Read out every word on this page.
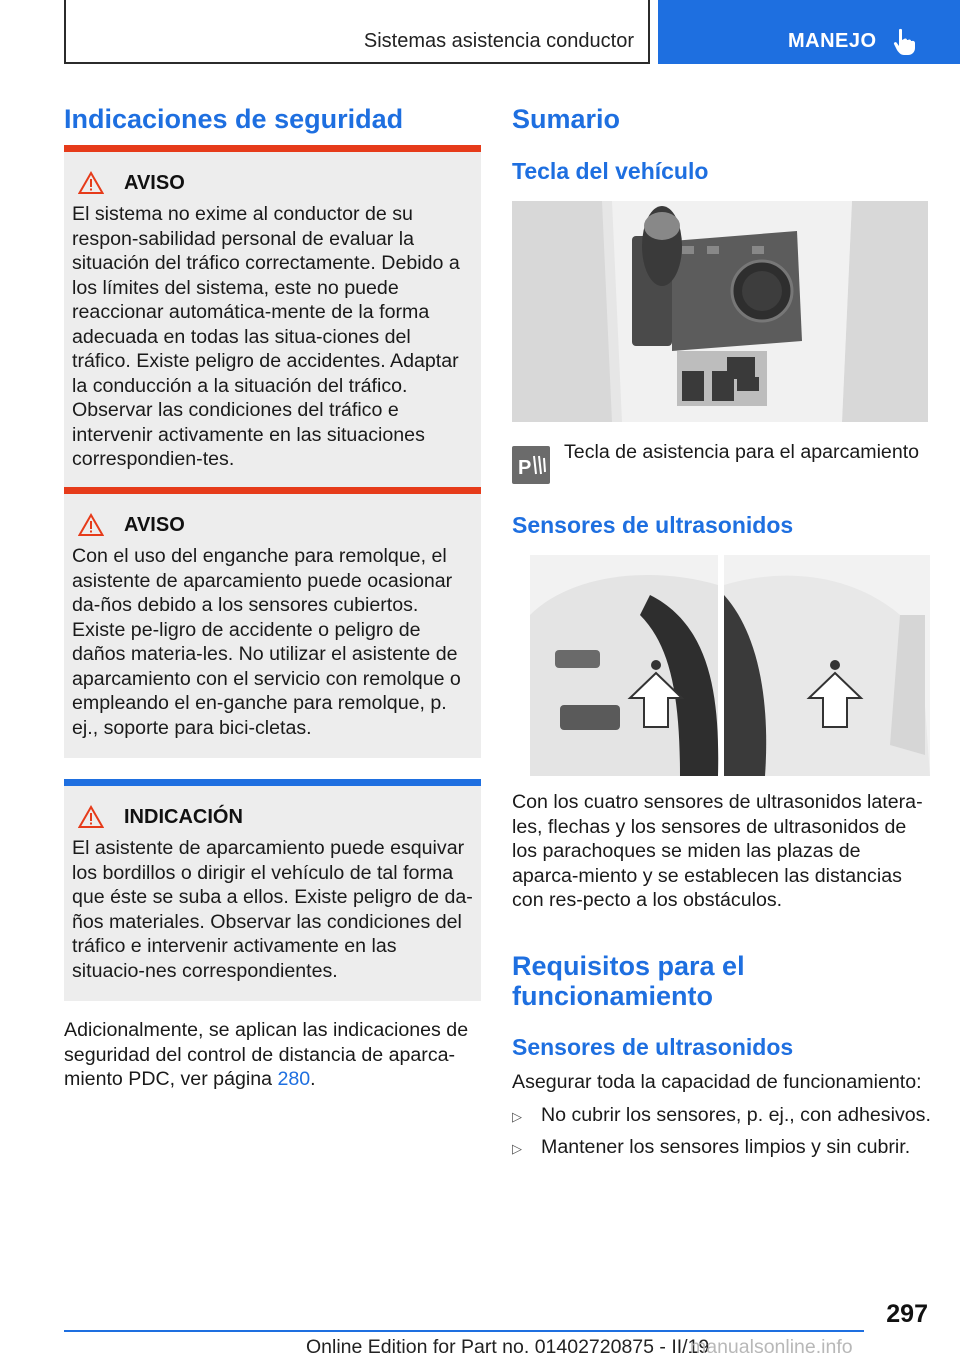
Sistemas asistencia conductor	MANEJO
Indicaciones de seguridad
AVISO
El sistema no exime al conductor de su respon-sabilidad personal de evaluar la situación del tráfico correctamente. Debido a los límites del sistema, este no puede reaccionar automática-mente de la forma adecuada en todas las situa-ciones del tráfico. Existe peligro de accidentes. Adaptar la conducción a la situación del tráfico. Observar las condiciones del tráfico e intervenir activamente en las situaciones correspondien-tes.
AVISO
Con el uso del enganche para remolque, el asistente de aparcamiento puede ocasionar da-ños debido a los sensores cubiertos. Existe pe-ligro de accidente o peligro de daños materia-les. No utilizar el asistente de aparcamiento con el servicio con remolque o empleando el en-ganche para remolque, p. ej., soporte para bici-cletas.
INDICACIÓN
El asistente de aparcamiento puede esquivar los bordillos o dirigir el vehículo de tal forma que éste se suba a ellos. Existe peligro de da-ños materiales. Observar las condiciones del tráfico e intervenir activamente en las situacio-nes correspondientes.
Adicionalmente, se aplican las indicaciones de seguridad del control de distancia de aparca-miento PDC, ver página 280.
Sumario
Tecla del vehículo
P
Tecla de asistencia para el aparcamiento
Sensores de ultrasonidos
Con los cuatro sensores de ultrasonidos latera-les, flechas y los sensores de ultrasonidos de los parachoques se miden las plazas de aparca-miento y se establecen las distancias con res-pecto a los obstáculos.
Requisitos para el funcionamiento
Sensores de ultrasonidos
Asegurar toda la capacidad de funcionamiento:
▷ No cubrir los sensores, p. ej., con adhesivos.
▷ Mantener los sensores limpios y sin cubrir.
297
Online Edition for Part no. 01402720875 - II/19
manualsonline.info
